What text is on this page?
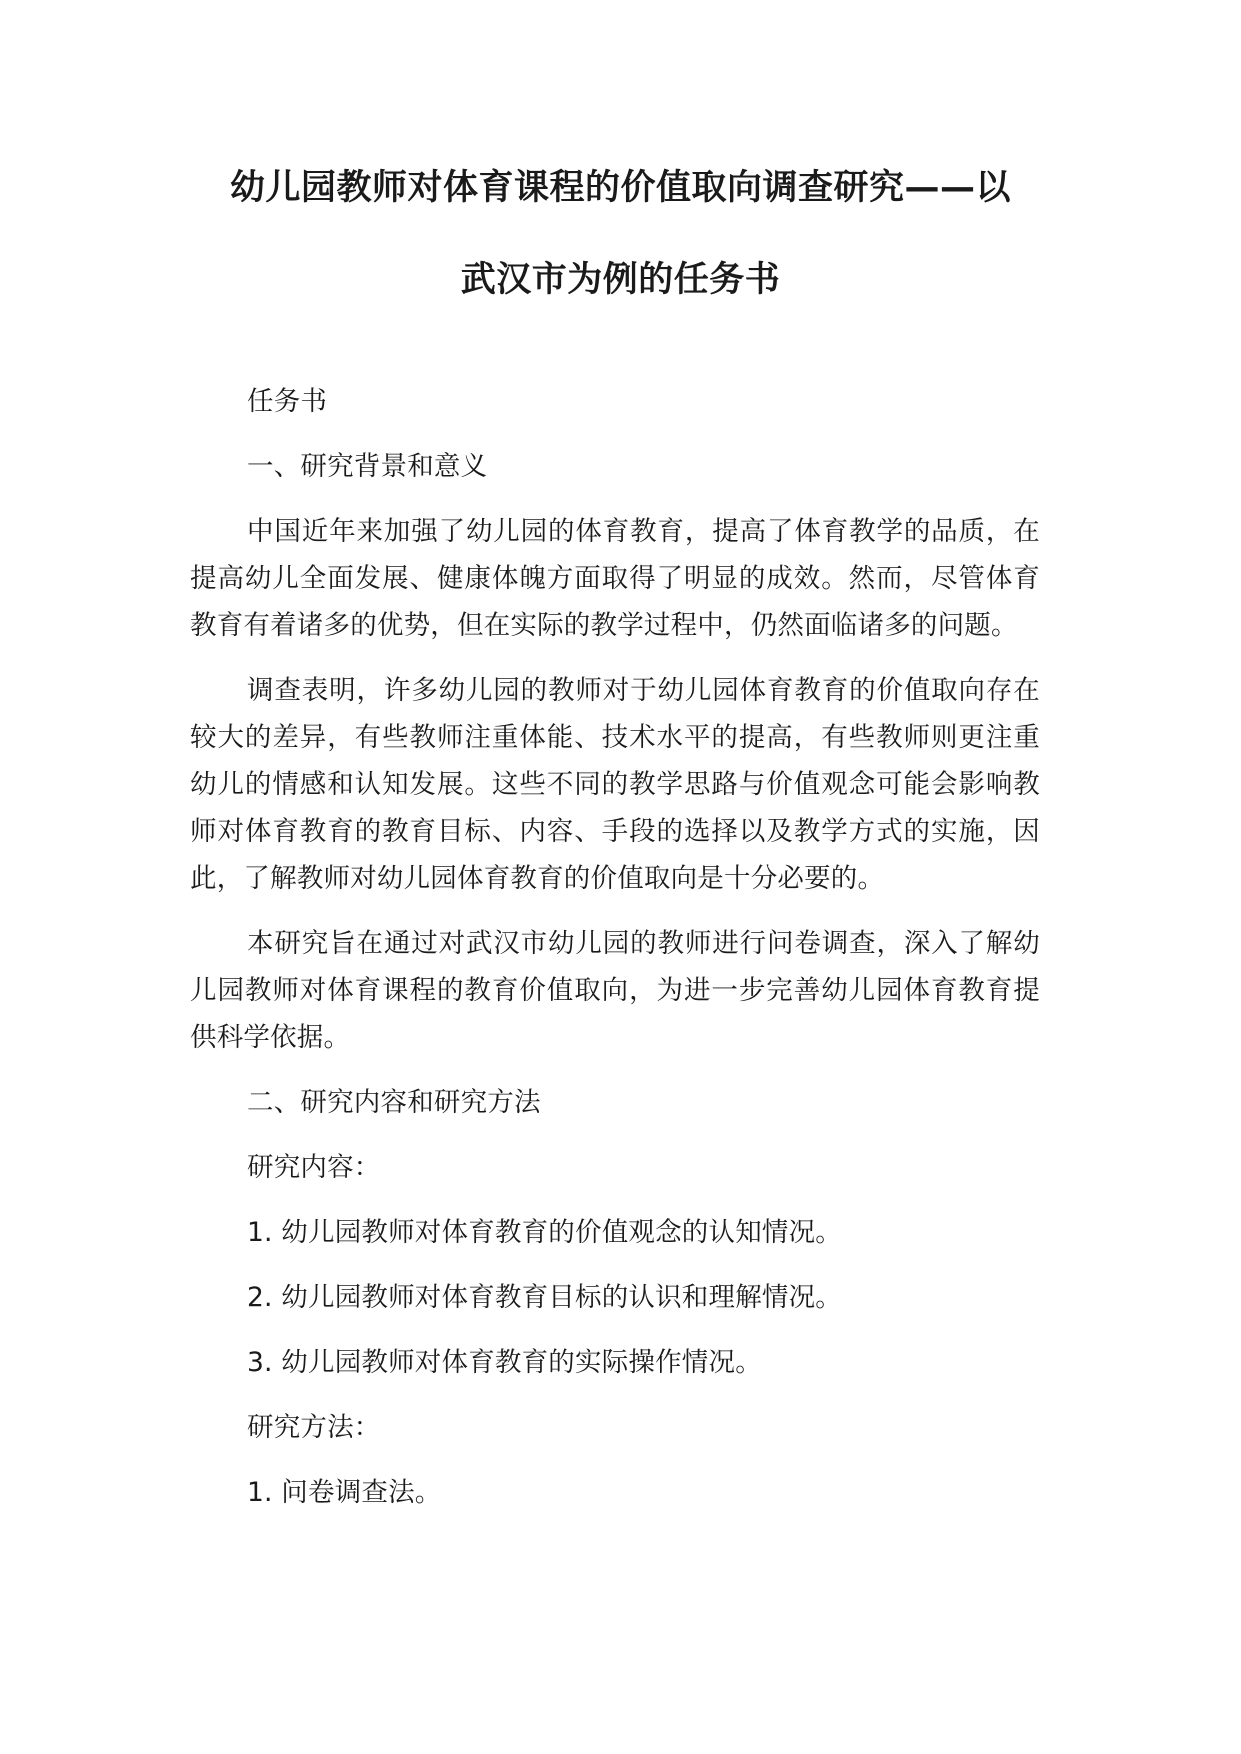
幼儿园教师对体育课程的价值取向调查研究——以

武汉市为例的任务书

任务书

一、研究背景和意义

中国近年来加强了幼儿园的体育教育，提高了体育教学的品质，在提高幼儿全面发展、健康体魄方面取得了明显的成效。然而，尽管体育教育有着诸多的优势，但在实际的教学过程中，仍然面临诸多的问题。

调查表明，许多幼儿园的教师对于幼儿园体育教育的价值取向存在较大的差异，有些教师注重体能、技术水平的提高，有些教师则更注重幼儿的情感和认知发展。这些不同的教学思路与价值观念可能会影响教师对体育教育的教育目标、内容、手段的选择以及教学方式的实施，因此，了解教师对幼儿园体育教育的价值取向是十分必要的。

本研究旨在通过对武汉市幼儿园的教师进行问卷调查，深入了解幼儿园教师对体育课程的教育价值取向，为进一步完善幼儿园体育教育提供科学依据。

二、研究内容和研究方法

研究内容：

1. 幼儿园教师对体育教育的价值观念的认知情况。

2. 幼儿园教师对体育教育目标的认识和理解情况。

3. 幼儿园教师对体育教育的实际操作情况。

研究方法：

1. 问卷调查法。
